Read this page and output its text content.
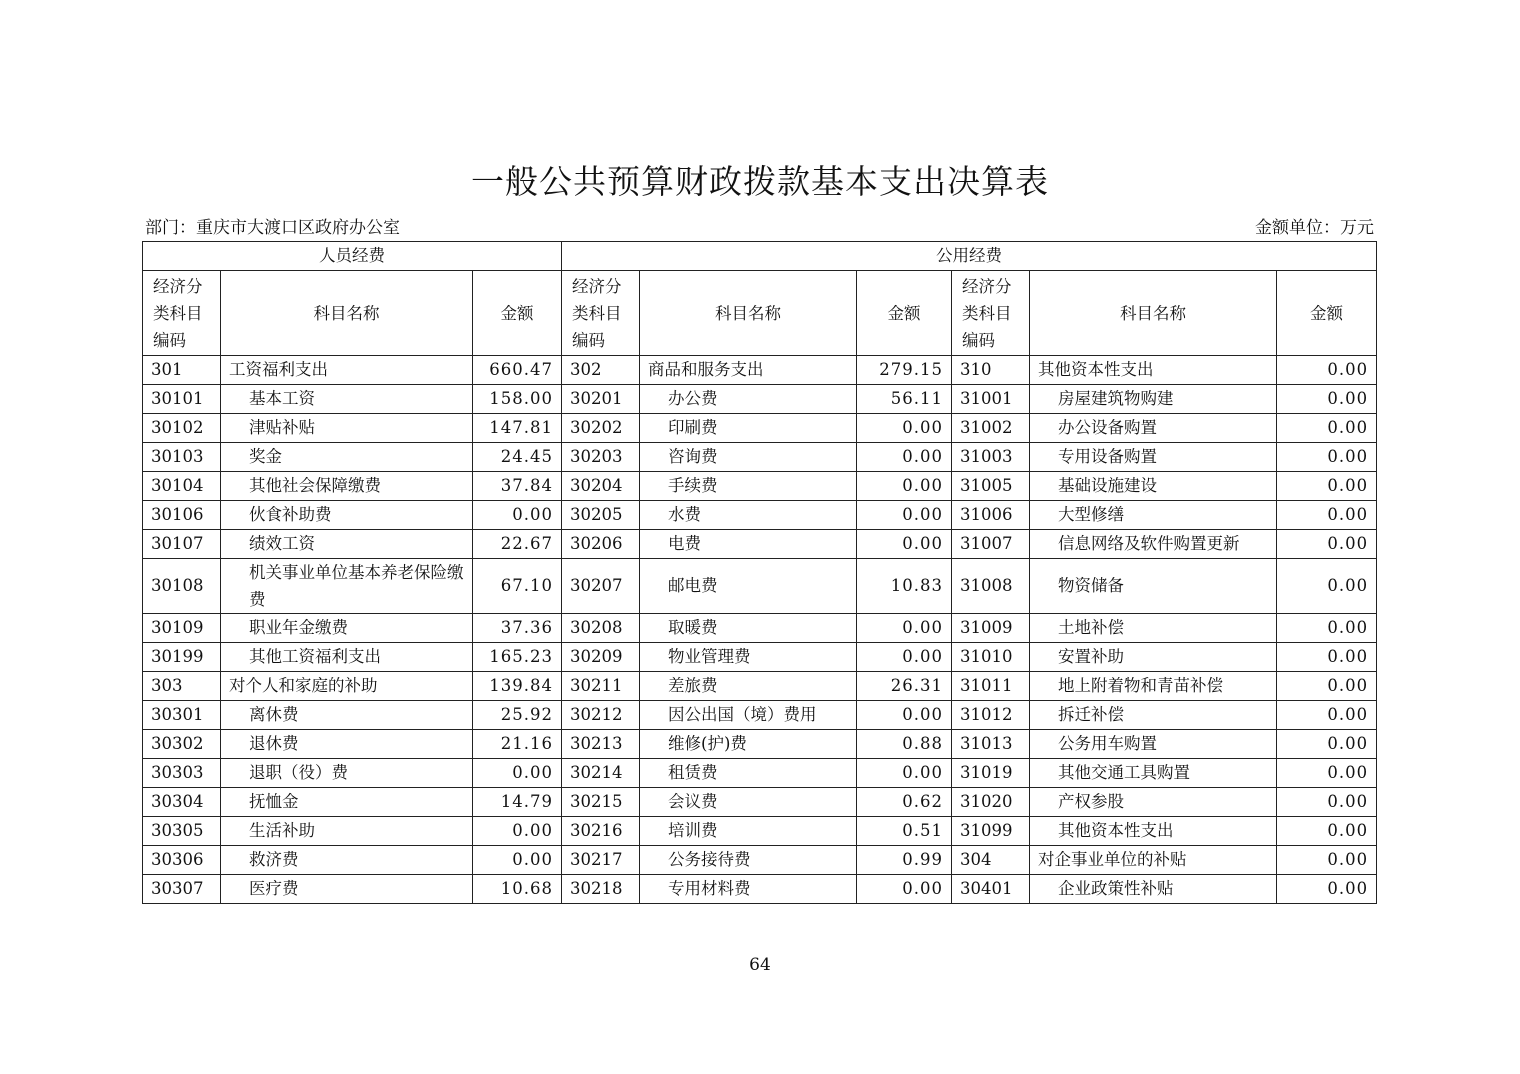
一般公共预算财政拨款基本支出决算表
部门：重庆市大渡口区政府办公室	金额单位：万元
人员经费			公用经费					
经济分
类科目
编码	科目名称	金额	经济分
类科目
编码	科目名称	金额	经济分
类科目
编码	科目名称	金额
301	工资福利支出	660.47	302	商品和服务支出	279.15	310	其他资本性支出	0.00
30101	基本工资	158.00	30201	办公费	56.11	31001	房屋建筑物购建	0.00
30102	津贴补贴	147.81	30202	印刷费	0.00	31002	办公设备购置	0.00
30103	奖金	24.45	30203	咨询费	0.00	31003	专用设备购置	0.00
30104	其他社会保障缴费	37.84	30204	手续费	0.00	31005	基础设施建设	0.00
30106	伙食补助费	0.00	30205	水费	0.00	31006	大型修缮	0.00
30107	绩效工资	22.67	30206	电费	0.00	31007	信息网络及软件购置更新	0.00
30108	机关事业单位基本养老保险缴费	67.10	30207	邮电费	10.83	31008	物资储备	0.00
30109	职业年金缴费	37.36	30208	取暖费	0.00	31009	土地补偿	0.00
30199	其他工资福利支出	165.23	30209	物业管理费	0.00	31010	安置补助	0.00
303	对个人和家庭的补助	139.84	30211	差旅费	26.31	31011	地上附着物和青苗补偿	0.00
30301	离休费	25.92	30212	因公出国（境）费用	0.00	31012	拆迁补偿	0.00
30302	退休费	21.16	30213	维修(护)费	0.88	31013	公务用车购置	0.00
30303	退职（役）费	0.00	30214	租赁费	0.00	31019	其他交通工具购置	0.00
30304	抚恤金	14.79	30215	会议费	0.62	31020	产权参股	0.00
30305	生活补助	0.00	30216	培训费	0.51	31099	其他资本性支出	0.00
30306	救济费	0.00	30217	公务接待费	0.99	304	对企事业单位的补贴	0.00
30307	医疗费	10.68	30218	专用材料费	0.00	30401	企业政策性补贴	0.00
64
